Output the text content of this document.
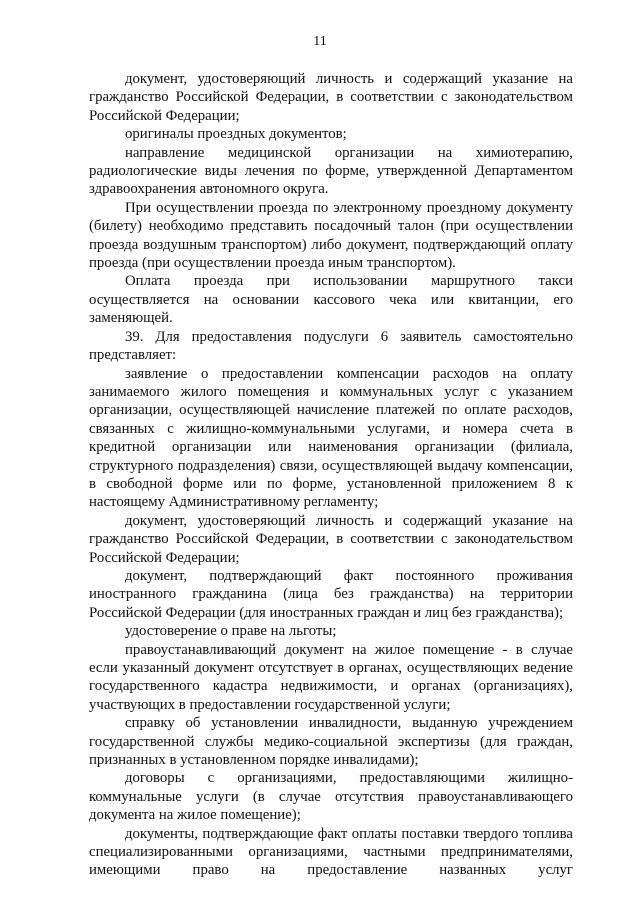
11

документ, удостоверяющий личность и содержащий указание на гражданство Российской Федерации, в соответствии с законодательством Российской Федерации;

оригиналы проездных документов;

направление медицинской организации на химиотерапию, радиологические виды лечения по форме, утвержденной Департаментом здравоохранения автономного округа.

При осуществлении проезда по электронному проездному документу (билету) необходимо представить посадочный талон (при осуществлении проезда воздушным транспортом) либо документ, подтверждающий оплату проезда (при осуществлении проезда иным транспортом).

Оплата проезда при использовании маршрутного такси осуществляется на основании кассового чека или квитанции, его заменяющей.

39. Для предоставления подуслуги 6 заявитель самостоятельно представляет:

заявление о предоставлении компенсации расходов на оплату занимаемого жилого помещения и коммунальных услуг с указанием организации, осуществляющей начисление платежей по оплате расходов, связанных с жилищно-коммунальными услугами, и номера счета в кредитной организации или наименования организации (филиала, структурного подразделения) связи, осуществляющей выдачу компенсации, в свободной форме или по форме, установленной приложением 8 к настоящему Административному регламенту;

документ, удостоверяющий личность и содержащий указание на гражданство Российской Федерации, в соответствии с законодательством Российской Федерации;

документ, подтверждающий факт постоянного проживания иностранного гражданина (лица без гражданства) на территории Российской Федерации (для иностранных граждан и лиц без гражданства);

удостоверение о праве на льготы;

правоустанавливающий документ на жилое помещение - в случае если указанный документ отсутствует в органах, осуществляющих ведение государственного кадастра недвижимости, и органах (организациях), участвующих в предоставлении государственной услуги;

справку об установлении инвалидности, выданную учреждением государственной службы медико-социальной экспертизы (для граждан, признанных в установленном порядке инвалидами);

договоры с организациями, предоставляющими жилищно-коммунальные услуги (в случае отсутствия правоустанавливающего документа на жилое помещение);

документы, подтверждающие факт оплаты поставки твердого топлива специализированными организациями, частными предпринимателями, имеющими право на предоставление названных услуг
